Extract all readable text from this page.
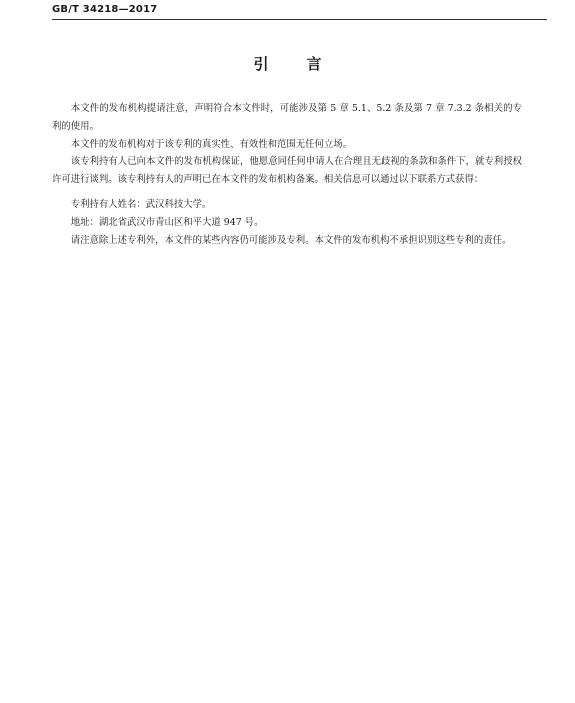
GB/T 34218—2017
引言

本文件的发布机构提请注意，声明符合本文件时，可能涉及第 5 章 5.1、5.2 条及第 7 章 7.3.2 条相关的专利的使用。

本文件的发布机构对于该专利的真实性、有效性和范围无任何立场。

该专利持有人已向本文件的发布机构保证，他愿意同任何申请人在合理且无歧视的条款和条件下，就专利授权许可进行谈判。该专利持有人的声明已在本文件的发布机构备案。相关信息可以通过以下联系方式获得：

专利持有人姓名：武汉科技大学。

地址：湖北省武汉市青山区和平大道 947 号。

请注意除上述专利外，本文件的某些内容仍可能涉及专利。本文件的发布机构不承担识别这些专利的责任。
